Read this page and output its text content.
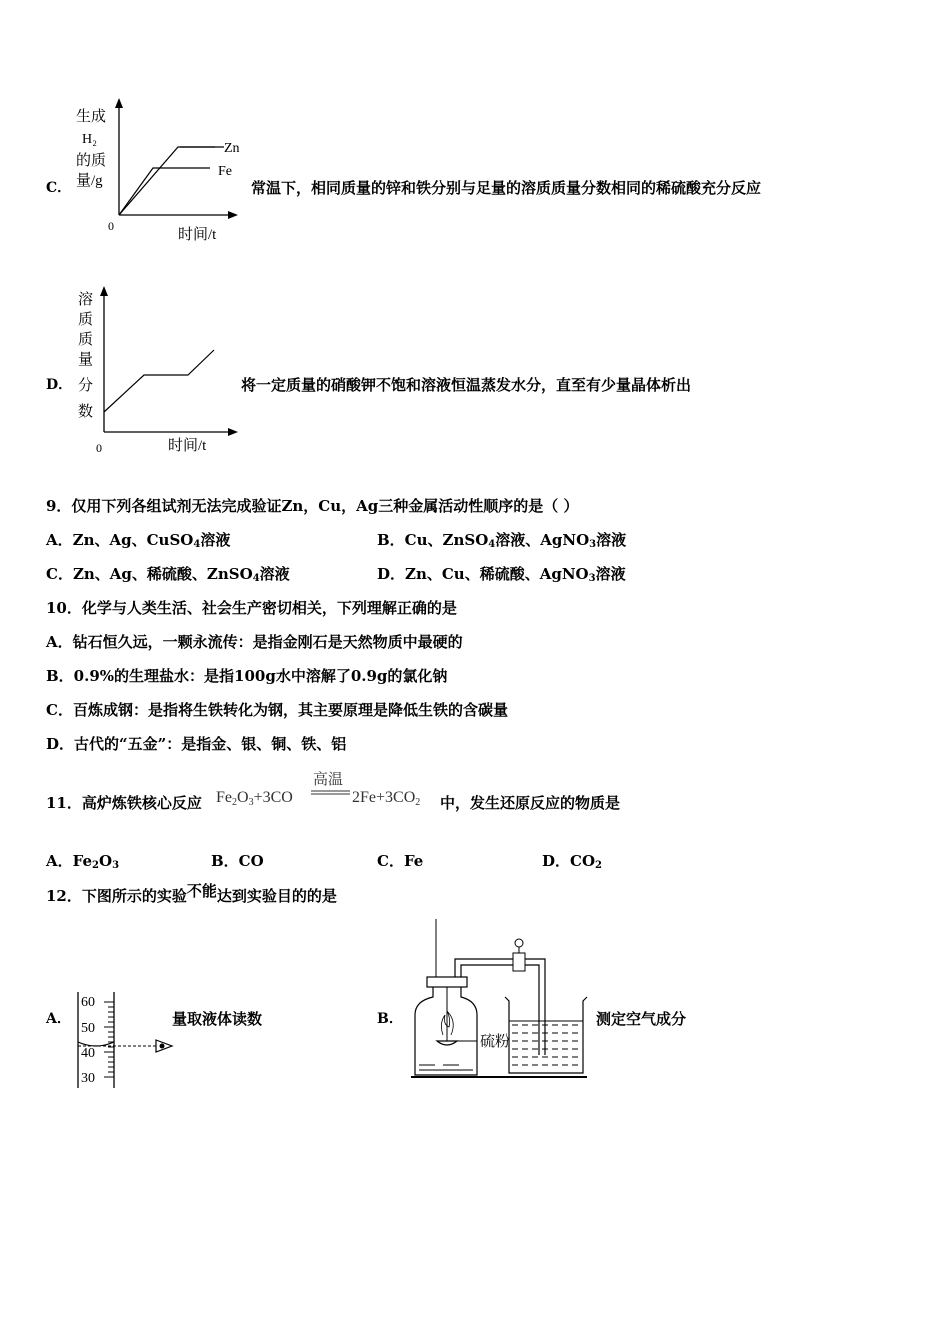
C．
生成
H₂
的质
量/g
Zn
Fe
0
时间/t
常温下，相同质量的锌和铁分别与足量的溶质质量分数相同的稀硫酸充分反应
D．
溶
质
质
量
分
数
0	时间/t
将一定质量的硝酸钾不饱和溶液恒温蒸发水分，直至有少量晶体析出
9．仅用下列各组试剂无法完成验证Zn，Cu，Ag三种金属活动性顺序的是（ ）
A．Zn、Ag、CuSO$_4$溶液	B．Cu、ZnSO$_4$溶液、AgNO$_3$溶液
C．Zn、Ag、稀硫酸、ZnSO$_4$溶液	D．Zn、Cu、稀硫酸、AgNO$_3$溶液
10．化学与人类生活、社会生产密切相关，下列理解正确的是
A．钻石恒久远，一颗永流传：是指金刚石是天然物质中最硬的
B．0.9%的生理盐水：是指100g水中溶解了0.9g的氯化钠
C．百炼成钢：是指将生铁转化为钢，其主要原理是降低生铁的含碳量
D．古代的“五金”：是指金、银、铜、铁、铝
11．高炉炼铁核心反应 Fe2O3+3CO
高温
2Fe+3CO2 中，发生还原反应的物质是
A．$Fe_2O_3$	B．CO	C．Fe	D．$CO_2$
12．下图所示的实验不能达到实验目的的是
A．
60
50
40
30
量取液体读数	B．
硫粉
测定空气成分
